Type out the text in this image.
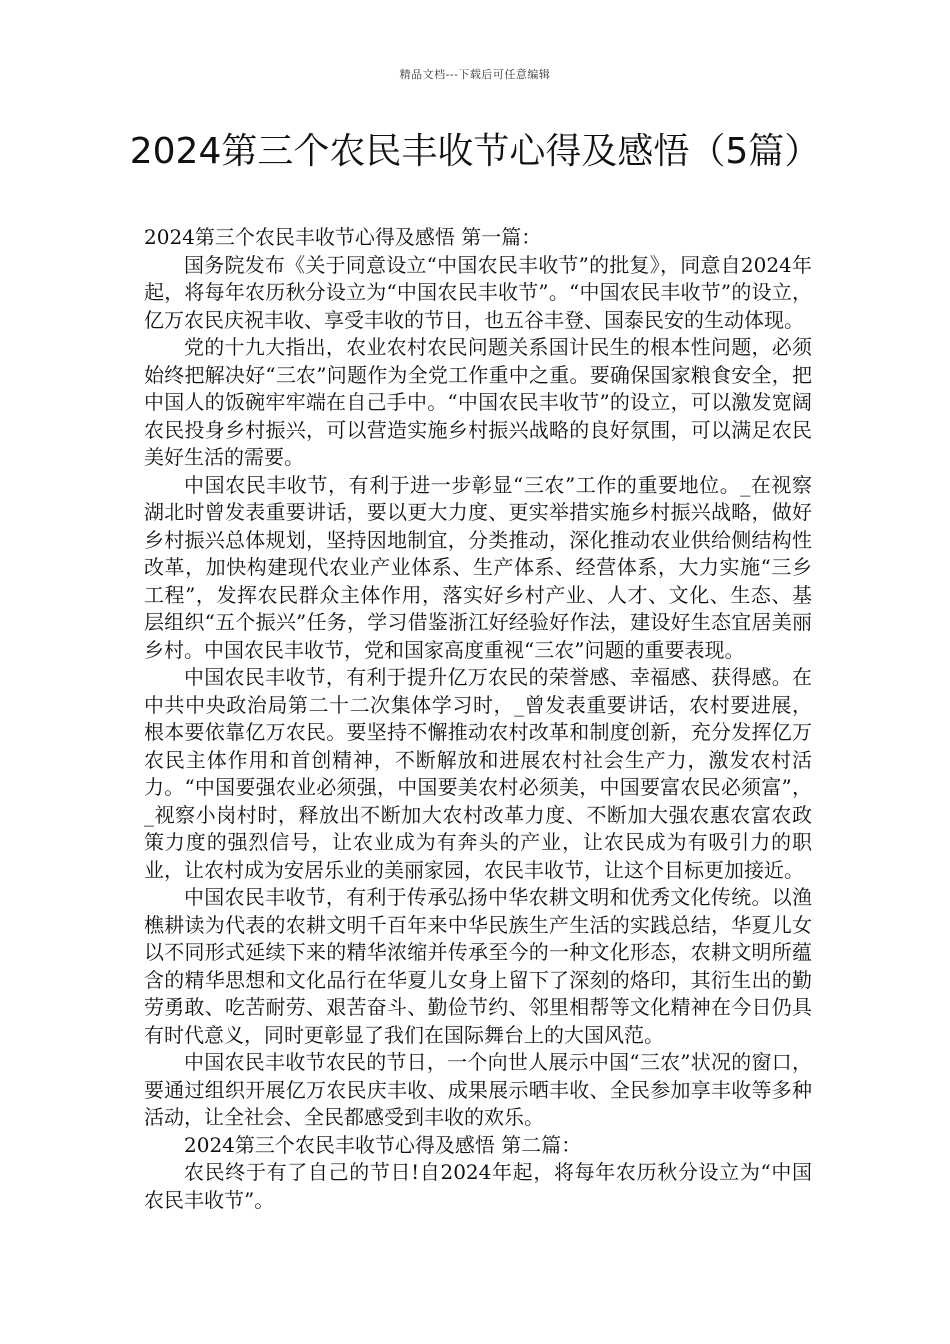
精品文档---下载后可任意编辑
2024第三个农民丰收节心得及感悟（5篇）

2024第三个农民丰收节心得及感悟 第一篇：

国务院发布《关于同意设立“中国农民丰收节”的批复》，同意自2024年起，将每年农历秋分设立为“中国农民丰收节”。“中国农民丰收节”的设立，亿万农民庆祝丰收、享受丰收的节日，也五谷丰登、国泰民安的生动体现。

党的十九大指出，农业农村农民问题关系国计民生的根本性问题，必须始终把解决好“三农”问题作为全党工作重中之重。要确保国家粮食安全，把中国人的饭碗牢牢端在自己手中。“中国农民丰收节”的设立，可以激发宽阔农民投身乡村振兴，可以营造实施乡村振兴战略的良好氛围，可以满足农民美好生活的需要。

中国农民丰收节，有利于进一步彰显“三农”工作的重要地位。_在视察湖北时曾发表重要讲话，要以更大力度、更实举措实施乡村振兴战略，做好乡村振兴总体规划，坚持因地制宜，分类推动，深化推动农业供给侧结构性改革，加快构建现代农业产业体系、生产体系、经营体系，大力实施“三乡工程”，发挥农民群众主体作用，落实好乡村产业、人才、文化、生态、基层组织“五个振兴”任务，学习借鉴浙江好经验好作法，建设好生态宜居美丽乡村。中国农民丰收节，党和国家高度重视“三农”问题的重要表现。

中国农民丰收节，有利于提升亿万农民的荣誉感、幸福感、获得感。在中共中央政治局第二十二次集体学习时，_曾发表重要讲话，农村要进展，根本要依靠亿万农民。要坚持不懈推动农村改革和制度创新，充分发挥亿万农民主体作用和首创精神，不断解放和进展农村社会生产力，激发农村活力。“中国要强农业必须强，中国要美农村必须美，中国要富农民必须富”，_视察小岗村时，释放出不断加大农村改革力度、不断加大强农惠农富农政策力度的强烈信号，让农业成为有奔头的产业，让农民成为有吸引力的职业，让农村成为安居乐业的美丽家园，农民丰收节，让这个目标更加接近。

中国农民丰收节，有利于传承弘扬中华农耕文明和优秀文化传统。以渔樵耕读为代表的农耕文明千百年来中华民族生产生活的实践总结，华夏儿女以不同形式延续下来的精华浓缩并传承至今的一种文化形态，农耕文明所蕴含的精华思想和文化品行在华夏儿女身上留下了深刻的烙印，其衍生出的勤劳勇敢、吃苦耐劳、艰苦奋斗、勤俭节约、邻里相帮等文化精神在今日仍具有时代意义，同时更彰显了我们在国际舞台上的大国风范。

中国农民丰收节农民的节日，一个向世人展示中国“三农”状况的窗口，要通过组织开展亿万农民庆丰收、成果展示晒丰收、全民参加享丰收等多种活动，让全社会、全民都感受到丰收的欢乐。

2024第三个农民丰收节心得及感悟 第二篇：

农民终于有了自己的节日!自2024年起，将每年农历秋分设立为“中国农民丰收节”。
